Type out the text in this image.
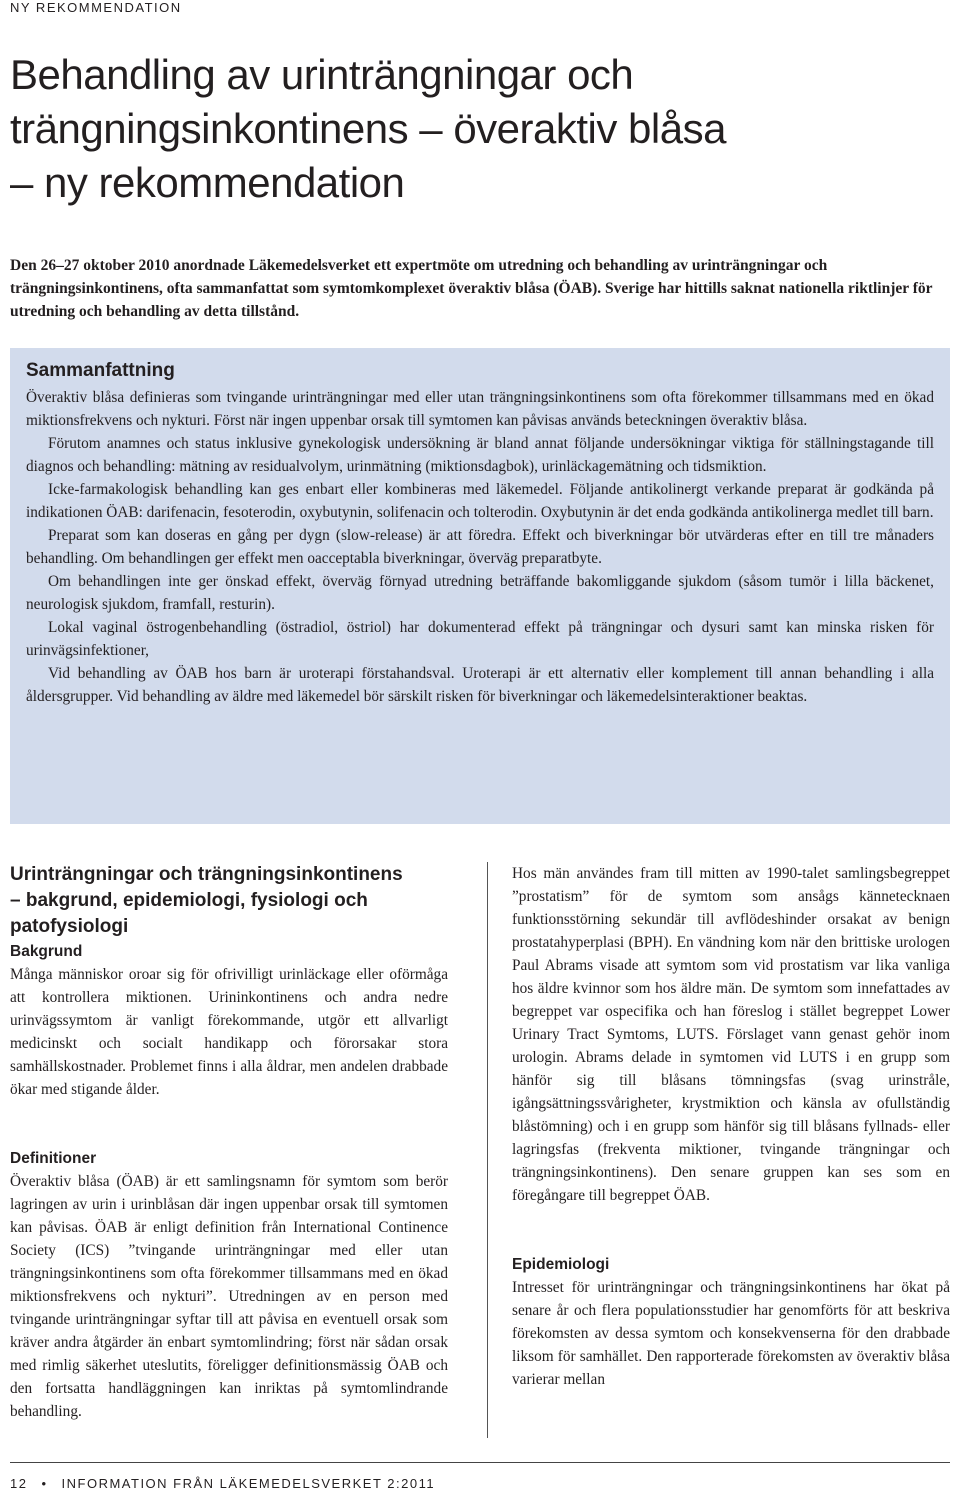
NY REKOMMENDATION
Behandling av urinträngningar och
trängningsinkontinens – överaktiv blåsa
– ny rekommendation

Den 26–27 oktober 2010 anordnade Läkemedelsverket ett expertmöte om utredning och behandling av urinträngningar och trängningsinkontinens, ofta sammanfattat som symtomkomplexet överaktiv blåsa (ÖAB). Sverige har hittills saknat nationella riktlinjer för utredning och behandling av detta tillstånd.

Sammanfattning

Överaktiv blåsa definieras som tvingande urinträngningar med eller utan trängningsinkontinens som ofta förekommer tillsammans med en ökad miktionsfrekvens och nykturi. Först när ingen uppenbar orsak till symtomen kan påvisas används beteckningen överaktiv blåsa.

Förutom anamnes och status inklusive gynekologisk undersökning är bland annat följande undersökningar viktiga för ställningstagande till diagnos och behandling: mätning av residualvolym, urinmätning (miktionsdagbok), urinläckagemätning och tidsmiktion.

Icke-farmakologisk behandling kan ges enbart eller kombineras med läkemedel. Följande antikolinergt verkande preparat är godkända på indikationen ÖAB: darifenacin, fesoterodin, oxybutynin, solifenacin och tolterodin. Oxybutynin är det enda godkända antikolinerga medlet till barn.

Preparat som kan doseras en gång per dygn (slow-release) är att föredra. Effekt och biverkningar bör utvärderas efter en till tre månaders behandling. Om behandlingen ger effekt men oacceptabla biverkningar, överväg preparatbyte.

Om behandlingen inte ger önskad effekt, överväg förnyad utredning beträffande bakomliggande sjukdom (såsom tumör i lilla bäckenet, neurologisk sjukdom, framfall, resturin).

Lokal vaginal östrogenbehandling (östradiol, östriol) har dokumenterad effekt på trängningar och dysuri samt kan minska risken för urinvägsinfektioner,

Vid behandling av ÖAB hos barn är uroterapi förstahandsval. Uroterapi är ett alternativ eller komplement till annan behandling i alla åldersgrupper. Vid behandling av äldre med läkemedel bör särskilt risken för biverkningar och läkemedelsinteraktioner beaktas.

Urinträngningar och trängningsinkontinens
– bakgrund, epidemiologi, fysiologi och
patofysiologi
Bakgrund

Många människor oroar sig för ofrivilligt urinläckage eller oförmåga att kontrollera miktionen. Urininkontinens och andra nedre urinvägssymtom är vanligt förekommande, utgör ett allvarligt medicinskt och socialt handikapp och förorsakar stora samhällskostnader. Problemet finns i alla åldrar, men andelen drabbade ökar med stigande ålder.

Definitioner

Överaktiv blåsa (ÖAB) är ett samlingsnamn för symtom som berör lagringen av urin i urinblåsan där ingen uppenbar orsak till symtomen kan påvisas. ÖAB är enligt definition från International Continence Society (ICS) ”tvingande urinträngningar med eller utan trängningsinkontinens som ofta förekommer tillsammans med en ökad miktionsfrekvens och nykturi”. Utredningen av en person med tvingande urinträngningar syftar till att påvisa en eventuell orsak som kräver andra åtgärder än enbart symtomlindring; först när sådan orsak med rimlig säkerhet uteslutits, föreligger definitionsmässig ÖAB och den fortsatta handläggningen kan inriktas på symtomlindrande behandling.

Hos män användes fram till mitten av 1990-talet samlingsbegreppet ”prostatism” för de symtom som ansågs kännetecknaen funktionsstörning sekundär till avflödeshinder orsakat av benign prostatahyperplasi (BPH). En vändning kom när den brittiske urologen Paul Abrams visade att symtom som vid prostatism var lika vanliga hos äldre kvinnor som hos äldre män. De symtom som innefattades av begreppet var ospecifika och han föreslog i stället begreppet Lower Urinary Tract Symtoms, LUTS. Förslaget vann genast gehör inom urologin. Abrams delade in symtomen vid LUTS i en grupp som hänför sig till blåsans tömningsfas (svag urinstråle, igångsättningssvårigheter, krystmiktion och känsla av ofullständig blåstömning) och i en grupp som hänför sig till blåsans fyllnads- eller lagringsfas (frekventa miktioner, tvingande trängningar och trängningsinkontinens). Den senare gruppen kan ses som en föregångare till begreppet ÖAB.

Epidemiologi

Intresset för urinträngningar och trängningsinkontinens har ökat på senare år och flera populationsstudier har genomförts för att beskriva förekomsten av dessa symtom och konsekvenserna för den drabbade liksom för samhället. Den rapporterade förekomsten av överaktiv blåsa varierar mellan

12 • INFORMATION FRÅN LÄKEMEDELSVERKET 2:2011
